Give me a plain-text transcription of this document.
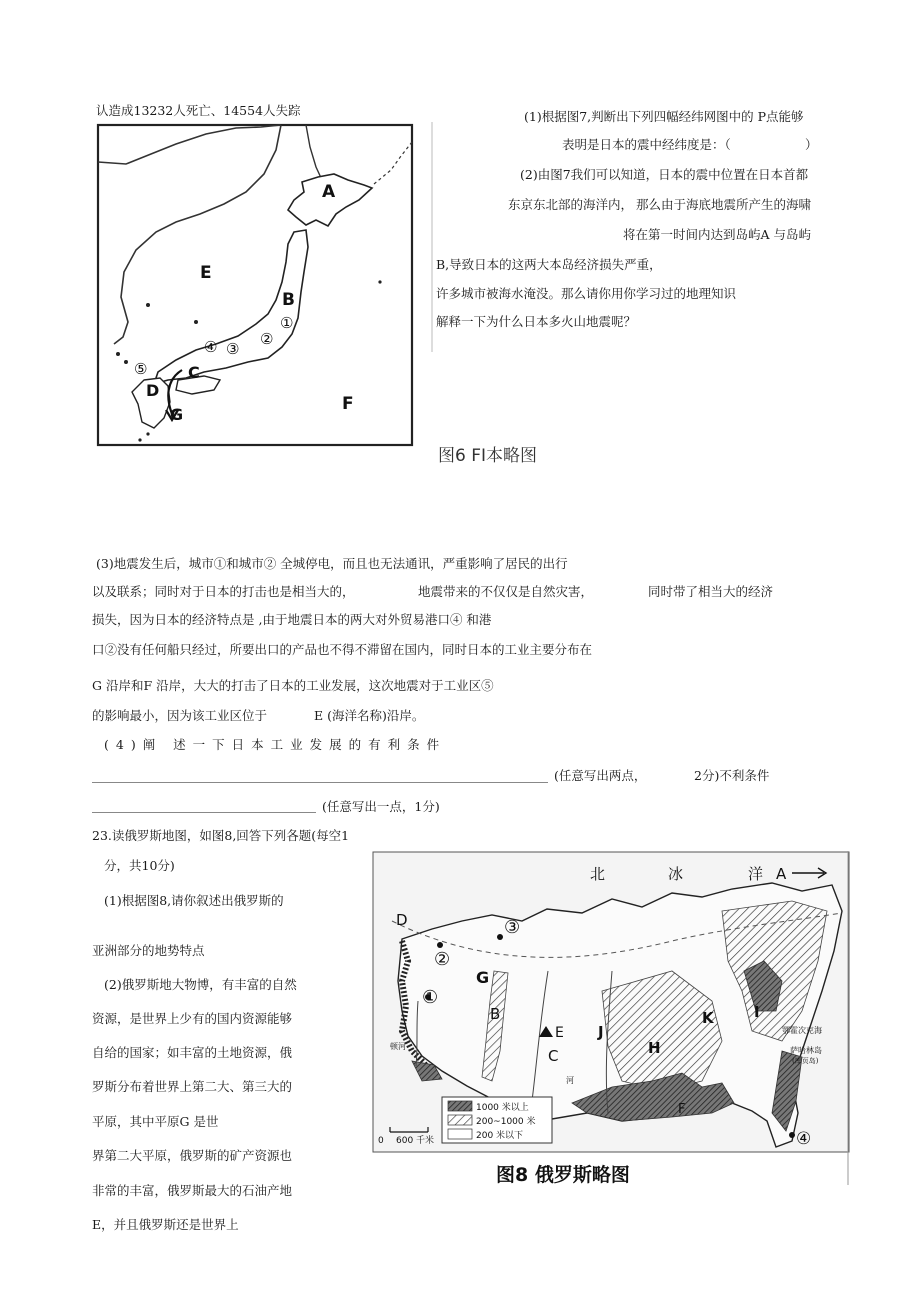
认造成13232人死亡、14554人失踪
A
B
C
D
E
F
G
①
②
③
④
⑤
(1)根据图7,判断出下列四幅经纬网图中的 P点能够
表明是日本的震中经纬度是：（	）
(2)由图7我们可以知道，日本的震中位置在日本首都
东京东北部的海洋内， 那么由于海底地震所产生的海啸
将在第一时间内达到岛屿A 与岛屿
B,导致日本的这两大本岛经济损失严重，
许多城市被海水淹没。那么请你用你学习过的地理知识
解释一下为什么日本多火山地震呢？
图6 FI本略图
(3)地震发生后，城市①和城市② 全城停电，而且也无法通讯，严重影响了居民的出行
以及联系；同时对于日本的打击也是相当大的，	地震带来的不仅仅是自然灾害，	同时带了相当大的经济
损失，因为日本的经济特点是 ,由于地震日本的两大对外贸易港口④ 和港
口②没有任何船只经过，所要出口的产品也不得不滞留在国内，同时日本的工业主要分布在
G 沿岸和F 沿岸，大大的打击了日本的工业发展，这次地震对于工业区⑤
的影响最小，因为该工业区位于	E (海洋名称)沿岸。
(4)阐 述一下日本工业发展的有利条件
(任意写出两点，	2分)不利条件
(任意写出一点，1分)
23.读俄罗斯地图，如图8,回答下列各题(每空1
分，共10分)
(1)根据图8,请你叙述出俄罗斯的
亚洲部分的地势特点
(2)俄罗斯地大物博，有丰富的自然
资源，是世界上少有的国内资源能够
自给的国家；如丰富的土地资源，俄
罗斯分布着世界上第二大、第三大的
平原，其中平原G 是世
界第二大平原，俄罗斯的矿产资源也
非常的丰富，俄罗斯最大的石油产地
E，并且俄罗斯还是世界上
1000 米以上
200~1000 米
200 米以下
0 600 千米
北	冰	洋 A
D
G
B
E
C
J
H
K	I
F
鄂霍次克海
萨哈林岛
(库页岛)
顿河
河
①
②
③
④
图8 俄罗斯略图
